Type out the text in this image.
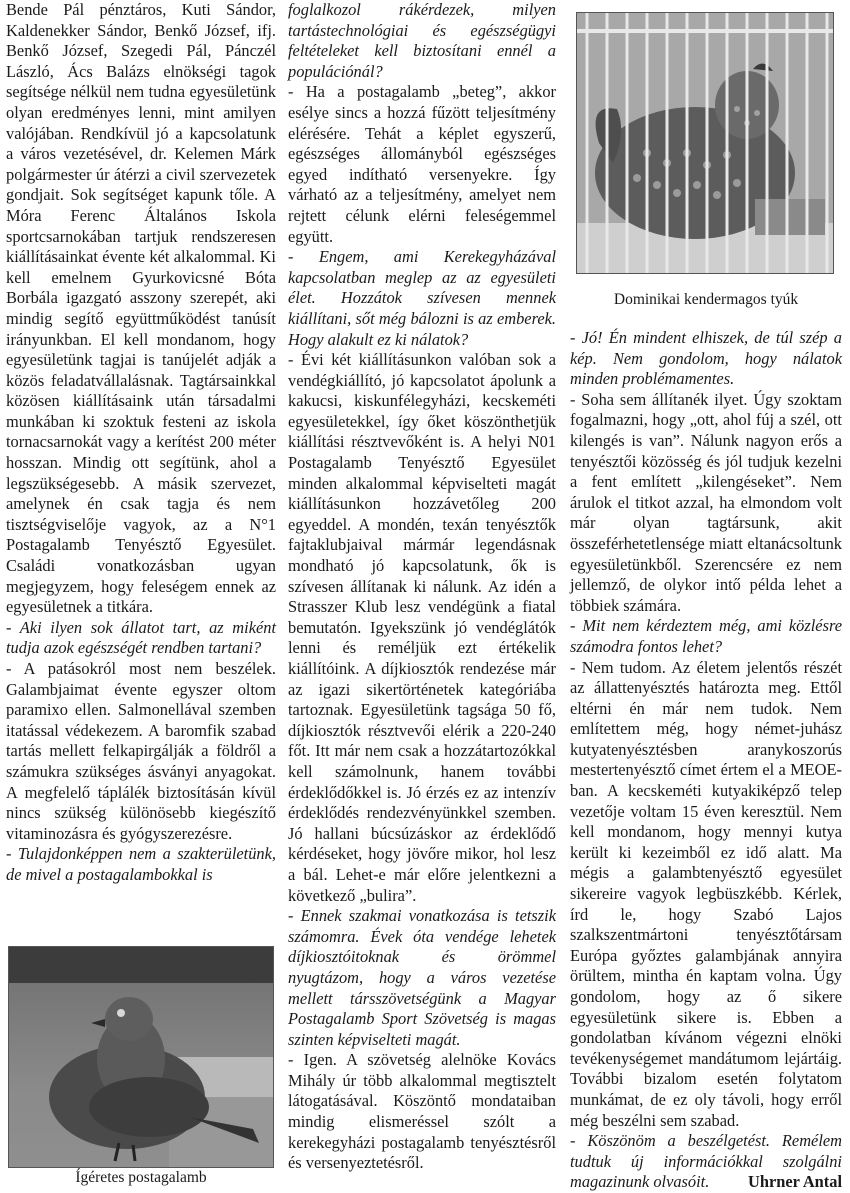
Bende Pál pénztáros, Kuti Sándor, Kaldenekker Sándor, Benkő József, ifj. Benkő József, Szegedi Pál, Pánczél László, Ács Balázs elnökségi tagok segítsége nélkül nem tudna egyesületünk olyan eredményes lenni, mint amilyen valójában. Rendkívül jó a kapcsolatunk a város vezetésével, dr. Kelemen Márk polgármester úr átérzi a civil szervezetek gondjait. Sok segítséget kapunk tőle. A Móra Ferenc Általános Iskola sportcsarnokában tartjuk rendszeresen kiállításainkat évente két alkalommal. Ki kell emelnem Gyurkovicsné Bóta Borbála igazgató asszony szerepét, aki mindig segítő együttműködést tanúsít irányunkban. El kell mondanom, hogy egyesületünk tagjai is tanújelét adják a közös feladatvállalásnak. Tagtársainkkal közösen kiállításaink után társadalmi munkában ki szoktuk festeni az iskola tornacsarnokát vagy a kerítést 200 méter hosszan. Mindig ott segítünk, ahol a legszükségesebb. A másik szervezet, amelynek én csak tagja és nem tisztségviselője vagyok, az a N°1 Postagalamb Tenyésztő Egyesület. Családi vonatkozásban ugyan megjegyzem, hogy feleségem ennek az egyesületnek a titkára.

- Aki ilyen sok állatot tart, az miként tudja azok egészségét rendben tartani?

- A patásokról most nem beszélek. Galambjaimat évente egyszer oltom paramixo ellen. Salmonellával szemben itatással védekezem. A baromfik szabad tartás mellett felkapirgálják a földről a számukra szükséges ásványi anyagokat. A megfelelő táplálék biztosításán kívül nincs szükség különösebb kiegészítő vitaminozásra és gyógyszerezésre.

- Tulajdonképpen nem a szakterületünk, de mivel a postagalambokkal is

Ígéretes postagalamb

foglalkozol rákérdezek, milyen tartástechnológiai és egészségügyi feltételeket kell biztosítani ennél a populációnál?

- Ha a postagalamb „beteg”, akkor esélye sincs a hozzá fűzött teljesítmény elérésére. Tehát a képlet egyszerű, egészséges állományból egészséges egyed indítható versenyekre. Így várható az a teljesítmény, amelyet nem rejtett célunk elérni feleségemmel együtt.

- Engem, ami Kerekegyházával kapcsolatban meglep az az egyesületi élet. Hozzátok szívesen mennek kiállítani, sőt még bálozni is az emberek. Hogy alakult ez ki nálatok?

- Évi két kiállításunkon valóban sok a vendégkiállító, jó kapcsolatot ápolunk a kakucsi, kiskunfélegyházi, kecskeméti egyesületekkel, így őket köszönthetjük kiállítási résztvevőként is. A helyi N01 Postagalamb Tenyésztő Egyesület minden alkalommal képviselteti magát kiállításunkon hozzávetőleg 200 egyeddel. A mondén, texán tenyésztők fajtaklubjaival mármár legendásnak mondható jó kapcsolatunk, ők is szívesen állítanak ki nálunk. Az idén a Strasszer Klub lesz vendégünk a fiatal bemutatón. Igyekszünk jó vendéglátók lenni és reméljük ezt értékelik kiállítóink. A díjkiosztók rendezése már az igazi sikertörténetek kategóriába tartoznak. Egyesületünk tagsága 50 fő, díjkiosztók résztvevői elérik a 220-240 főt. Itt már nem csak a hozzátartozókkal kell számolnunk, hanem további érdeklődőkkel is. Jó érzés ez az intenzív érdeklődés rendezvényünkkel szemben. Jó hallani búcsúzáskor az érdeklődő kérdéseket, hogy jövőre mikor, hol lesz a bál. Lehet-e már előre jelentkezni a következő „bulira”.

- Ennek szakmai vonatkozása is tetszik számomra. Évek óta vendége lehetek díjkiosztóitoknak és örömmel nyugtázom, hogy a város vezetése mellett társszövetségünk a Magyar Postagalamb Sport Szövetség is magas szinten képviselteti magát.

- Igen. A szövetség alelnöke Kovács Mihály úr több alkalommal megtisztelt látogatásával. Köszöntő mondataiban mindig elismeréssel szólt a kerekegyházi postagalamb tenyésztésről és versenyeztetésről.

Dominikai kendermagos tyúk

- Jó! Én mindent elhiszek, de túl szép a kép. Nem gondolom, hogy nálatok minden problémamentes.

- Soha sem állítanék ilyet. Úgy szoktam fogalmazni, hogy „ott, ahol fúj a szél, ott kilengés is van”. Nálunk nagyon erős a tenyésztői közösség és jól tudjuk kezelni a fent említett „kilengéseket”. Nem árulok el titkot azzal, ha elmondom volt már olyan tagtársunk, akit összeférhetetlensége miatt eltanácsoltunk egyesületünkből. Szerencsére ez nem jellemző, de olykor intő példa lehet a többiek számára.

- Mit nem kérdeztem még, ami közlésre számodra fontos lehet?

- Nem tudom. Az életem jelentős részét az állattenyésztés határozta meg. Ettől eltérni én már nem tudok. Nem említettem még, hogy német-juhász kutyatenyésztésben aranykoszorús mestertenyésztő címet értem el a MEOE-ban. A kecskeméti kutyakiképző telep vezetője voltam 15 éven keresztül. Nem kell mondanom, hogy mennyi kutya került ki kezeimből ez idő alatt. Ma mégis a galambtenyésztő egyesület sikereire vagyok legbüszkébb. Kérlek, írd le, hogy Szabó Lajos szalkszentmártoni tenyésztőtársam Európa győztes galambjának annyira örültem, mintha én kaptam volna. Úgy gondolom, hogy az ő sikere egyesületünk sikere is. Ebben a gondolatban kívánom végezni elnöki tevékenységemet mandátumom lejártáig. További bizalom esetén folytatom munkámat, de ez oly távoli, hogy erről még beszélni sem szabad.

- Köszönöm a beszélgetést. Remélem tudtuk új információkkal szolgálni magazinunk olvasóit. Uhrner Antal
